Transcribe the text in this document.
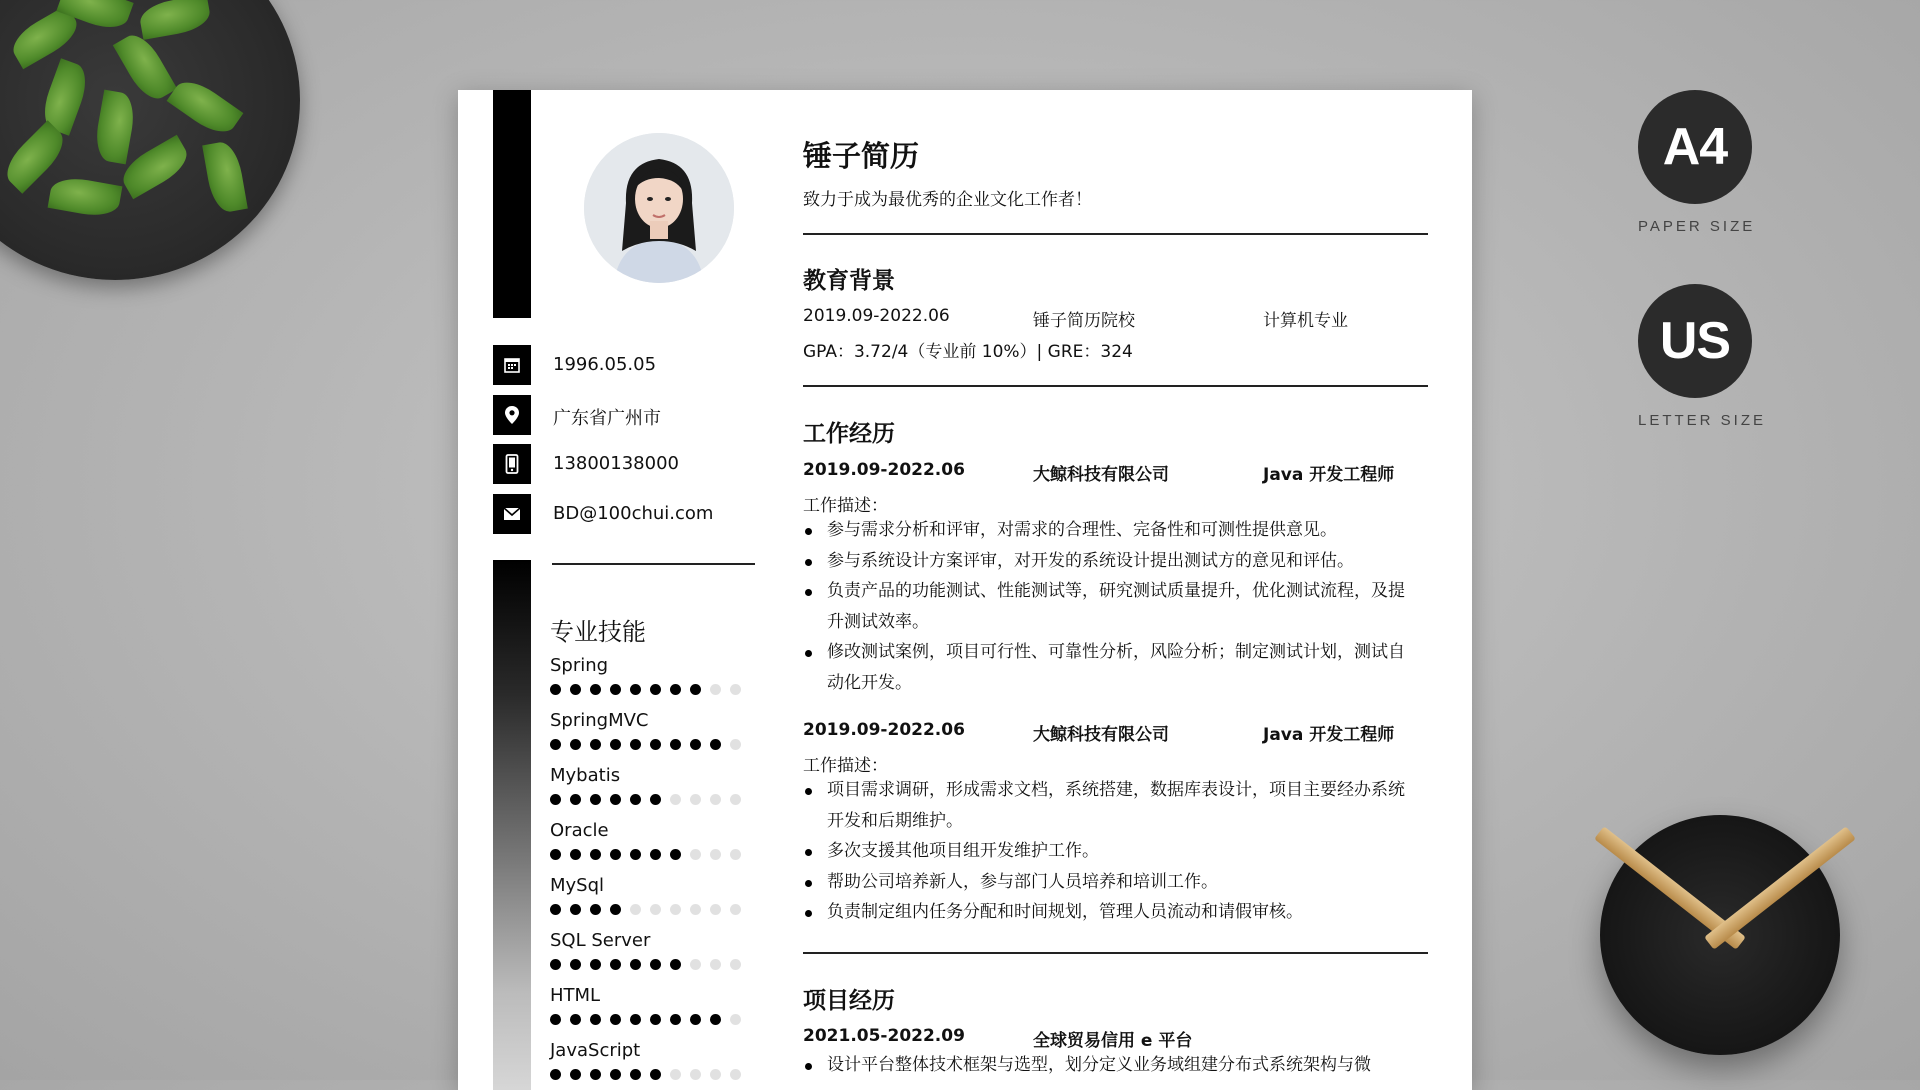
A4
PAPER SIZE
US
LETTER SIZE
1996.05.05
广东省广州市
13800138000
BD@100chui.com
专业技能
Spring
SpringMVC
Mybatis
Oracle
MySql
SQL Server
HTML
JavaScript
锤子简历
致力于成为最优秀的企业文化工作者！
教育背景
2019.09-2022.06	锤子简历院校	计算机专业
GPA：3.72/4（专业前 10%）| GRE：324
工作经历
2019.09-2022.06	大鲸科技有限公司	Java 开发工程师
工作描述：
参与需求分析和评审，对需求的合理性、完备性和可测性提供意见。
参与系统设计方案评审，对开发的系统设计提出测试方的意见和评估。
负责产品的功能测试、性能测试等，研究测试质量提升，优化测试流程，及提升测试效率。
修改测试案例，项目可行性、可靠性分析，风险分析；制定测试计划，测试自动化开发。
2019.09-2022.06	大鲸科技有限公司	Java 开发工程师
工作描述：
项目需求调研，形成需求文档，系统搭建，数据库表设计，项目主要经办系统开发和后期维护。
多次支援其他项目组开发维护工作。
帮助公司培养新人，参与部门人员培养和培训工作。
负责制定组内任务分配和时间规划，管理人员流动和请假审核。
项目经历
2021.05-2022.09	全球贸易信用 e 平台
设计平台整体技术框架与选型，划分定义业务域组建分布式系统架构与微
